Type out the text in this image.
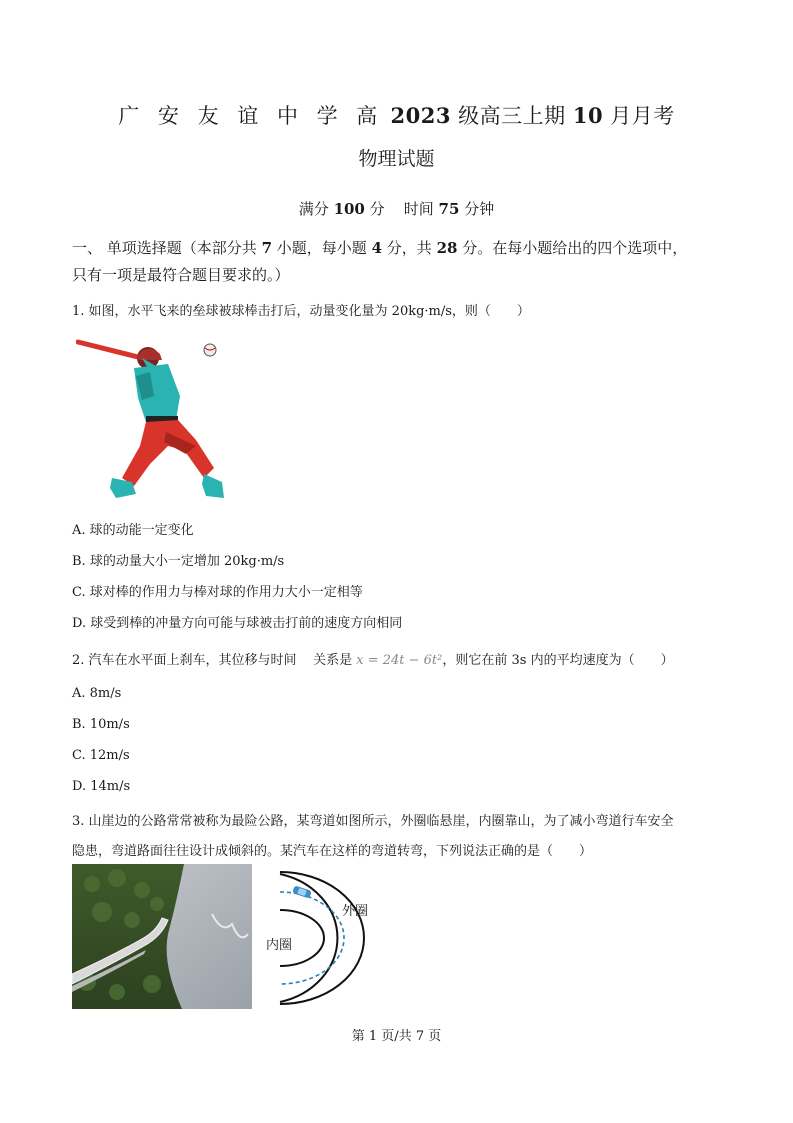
广 安 友 谊 中 学 高 2023 级高三上期 10 月月考
物理试题
满分 100 分 时间 75 分钟
一、 单项选择题（本部分共 7 小题，每小题 4 分，共 28 分。在每小题给出的四个选项中，
只有一项是最符合题目要求的。）
1. 如图，水平飞来的垒球被球棒击打后，动量变化量为 20kg·m/s，则（　　）
A. 球的动能一定变化
B. 球的动量大小一定增加 20kg·m/s
C. 球对棒的作用力与棒对球的作用力大小一定相等
D. 球受到棒的冲量方向可能与球被击打前的速度方向相同
2. 汽车在水平面上刹车，其位移与时间 关系是 x = 24t − 6t²，则它在前 3s 内的平均速度为（　　）
A. 8m/s
B. 10m/s
C. 12m/s
D. 14m/s
3. 山崖边的公路常常被称为最险公路，某弯道如图所示，外圈临悬崖，内圈靠山，为了减小弯道行车安全
隐患，弯道路面往往设计成倾斜的。某汽车在这样的弯道转弯，下列说法正确的是（　　）
外圈
内圈
第 1 页/共 7 页
